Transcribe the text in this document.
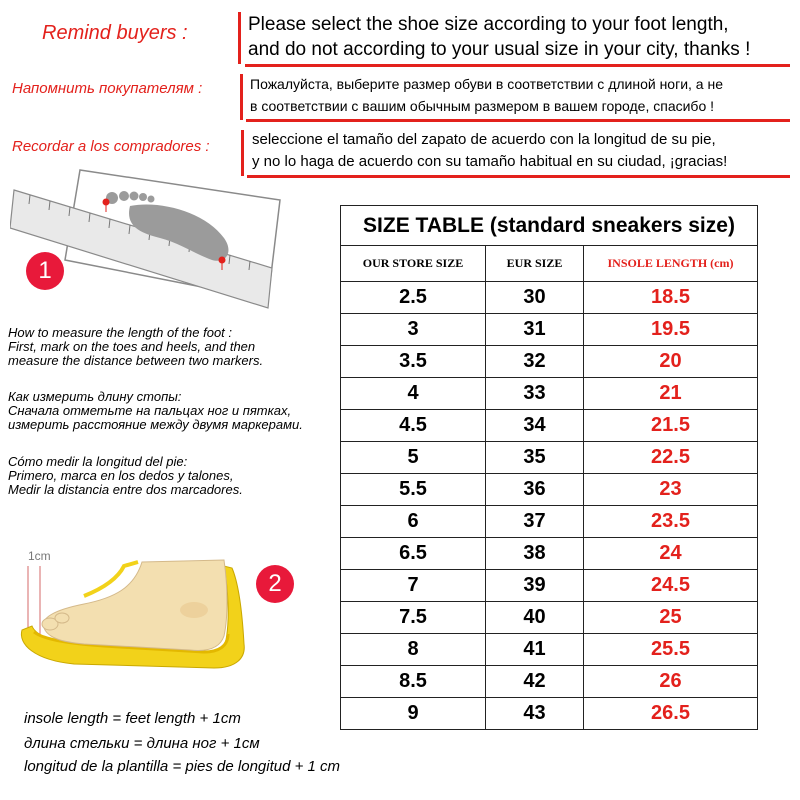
Remind buyers :	Please select the shoe size according to your foot length,
and do not according to your usual size in your city, thanks !
Напомнить покупателям :	Пожалуйста, выберите размер обуви в соответствии с длиной ноги, а не
в соответствии с вашим обычным размером в вашем городе, спасибо !
Recordar a los compradores :	seleccione el tamaño del zapato de acuerdo con la longitud de su pie,
y no lo haga de acuerdo con su tamaño habitual en su ciudad, ¡gracias!
1
How to measure the length of the foot :
First, mark on the toes and heels, and then
measure the distance between two markers.
Как измерить длину стопы:
Сначала отметьте на пальцах ног и пятках,
измерить расстояние между двумя маркерами.
Cómo medir la longitud del pie:
Primero, marca en los dedos y talones,
Medir la distancia entre dos marcadores.
1cm
2
insole length = feet length + 1cm
длина стельки = длина ног + 1см
longitud de la plantilla = pies de longitud + 1 cm
SIZE TABLE (standard sneakers size)		
OUR STORE SIZE	EUR SIZE	INSOLE LENGTH (cm)
2.5	30	18.5
3	31	19.5
3.5	32	20
4	33	21
4.5	34	21.5
5	35	22.5
5.5	36	23
6	37	23.5
6.5	38	24
7	39	24.5
7.5	40	25
8	41	25.5
8.5	42	26
9	43	26.5
